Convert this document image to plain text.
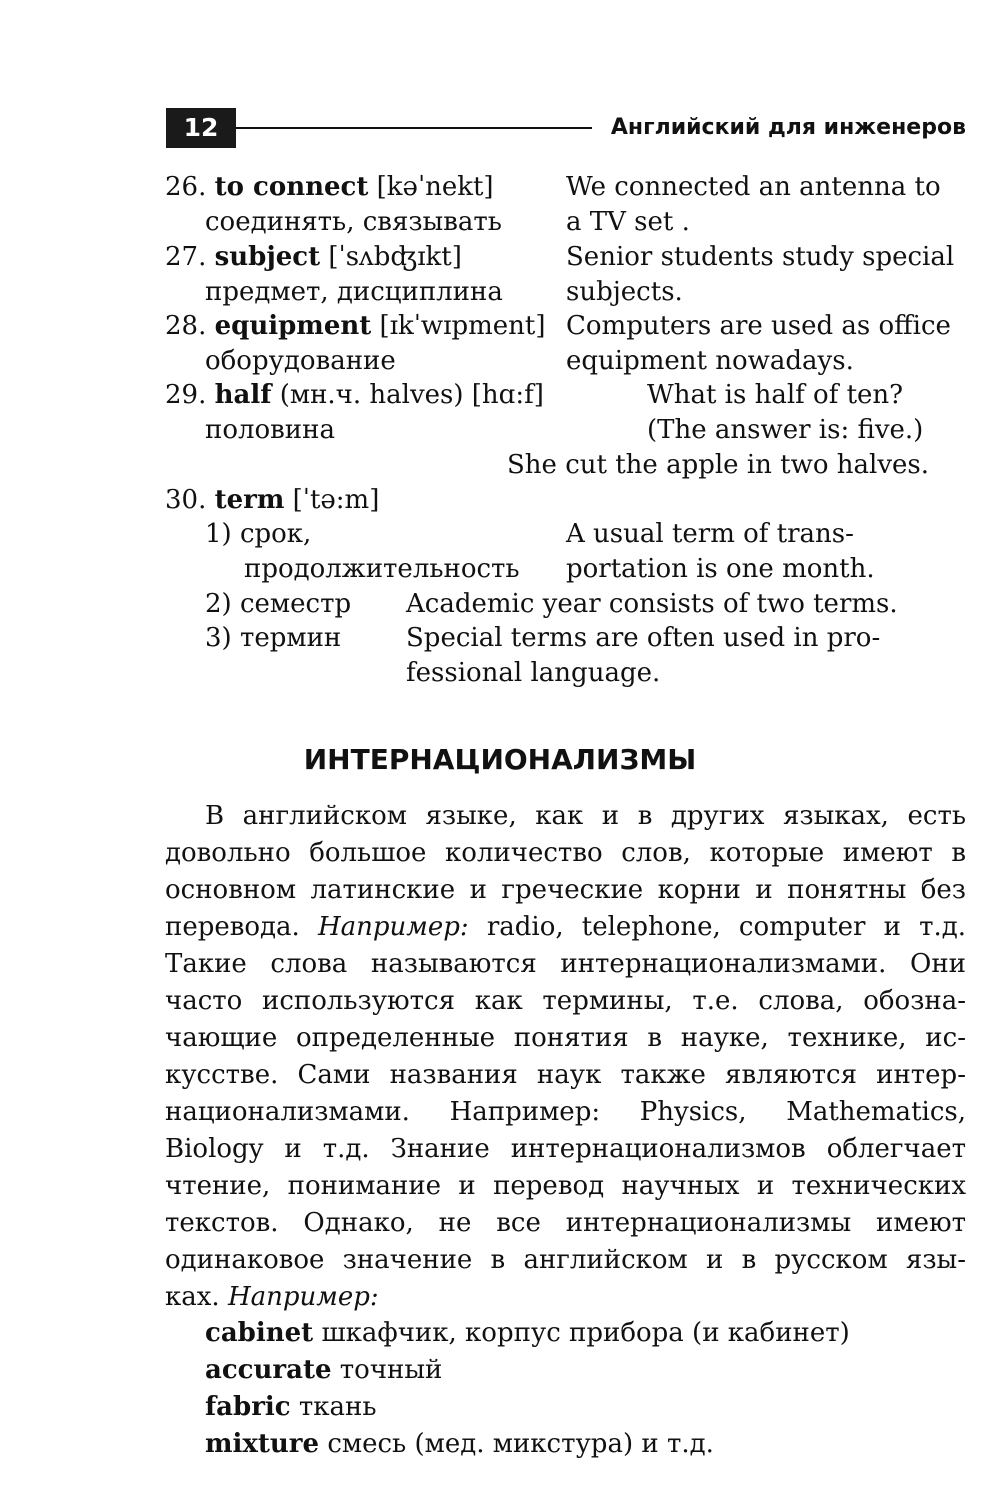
12	Английский для инженеров
26. to connect [kəˈnekt]
соединять, связывать
We connected an antenna to
a TV set .
27. subject [ˈsʌbʤɪkt]
предмет, дисциплина
Senior students study special
subjects.
28. equipment [ɪkˈwɪpment]
оборудование
Computers are used as office
equipment nowadays.
29. half (мн.ч. halves) [hɑ:f]
половина
What is half of ten?
(The answer is: five.)
She cut the apple in two halves.
30. term [ˈtə:m]
1) срок,
продолжительность
A usual term of trans-
portation is one month.
2) семестр Academic year consists of two terms.
3) термин Special terms are often used in pro-
fessional language.
ИНТЕРНАЦИОНАЛИЗМЫ
В английском языке, как и в других языках, есть
довольно большое количество слов, которые имеют в
основном латинские и греческие корни и понятны без
перевода. Например: radio, telephone, computer и т.д.
Такие слова называются интернационализмами. Они
часто используются как термины, т.е. слова, обозна-
чающие определенные понятия в науке, технике, ис-
кусстве. Сами названия наук также являются интер-
национализмами. Например: Physics, Mathematics,
Biology и т.д. Знание интернационализмов облегчает
чтение, понимание и перевод научных и технических
текстов. Однако, не все интернационализмы имеют
одинаковое значение в английском и в русском язы-
ках. Например:
cabinet шкафчик, корпус прибора (и кабинет)
accurate точный
fabric ткань
mixture смесь (мед. микстура) и т.д.
